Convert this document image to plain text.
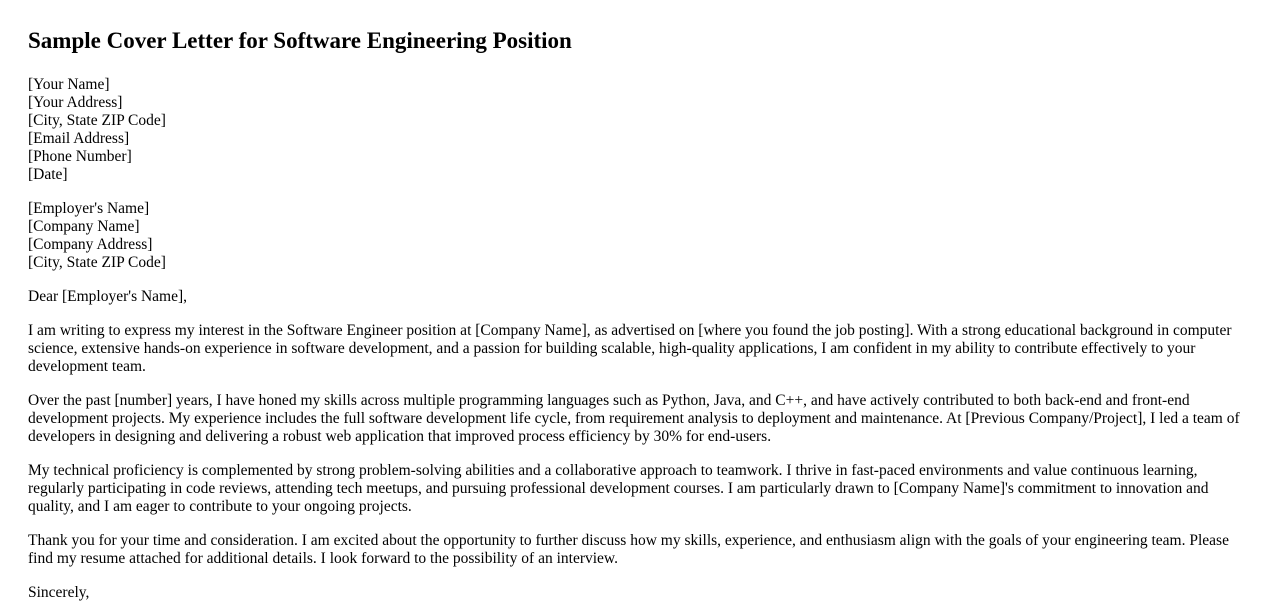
Sample Cover Letter for Software Engineering Position
[Your Name]
[Your Address]
[City, State ZIP Code]
[Email Address]
[Phone Number]
[Date]
[Employer's Name]
[Company Name]
[Company Address]
[City, State ZIP Code]

Dear [Employer's Name],

I am writing to express my interest in the Software Engineer position at [Company Name], as advertised on [where you found the job posting]. With a strong educational background in computer science, extensive hands-on experience in software development, and a passion for building scalable, high-quality applications, I am confident in my ability to contribute effectively to your development team.

Over the past [number] years, I have honed my skills across multiple programming languages such as Python, Java, and C++, and have actively contributed to both back-end and front-end development projects. My experience includes the full software development life cycle, from requirement analysis to deployment and maintenance. At [Previous Company/Project], I led a team of developers in designing and delivering a robust web application that improved process efficiency by 30% for end-users.

My technical proficiency is complemented by strong problem-solving abilities and a collaborative approach to teamwork. I thrive in fast-paced environments and value continuous learning, regularly participating in code reviews, attending tech meetups, and pursuing professional development courses. I am particularly drawn to [Company Name]'s commitment to innovation and quality, and I am eager to contribute to your ongoing projects.

Thank you for your time and consideration. I am excited about the opportunity to further discuss how my skills, experience, and enthusiasm align with the goals of your engineering team. Please find my resume attached for additional details. I look forward to the possibility of an interview.

Sincerely,
